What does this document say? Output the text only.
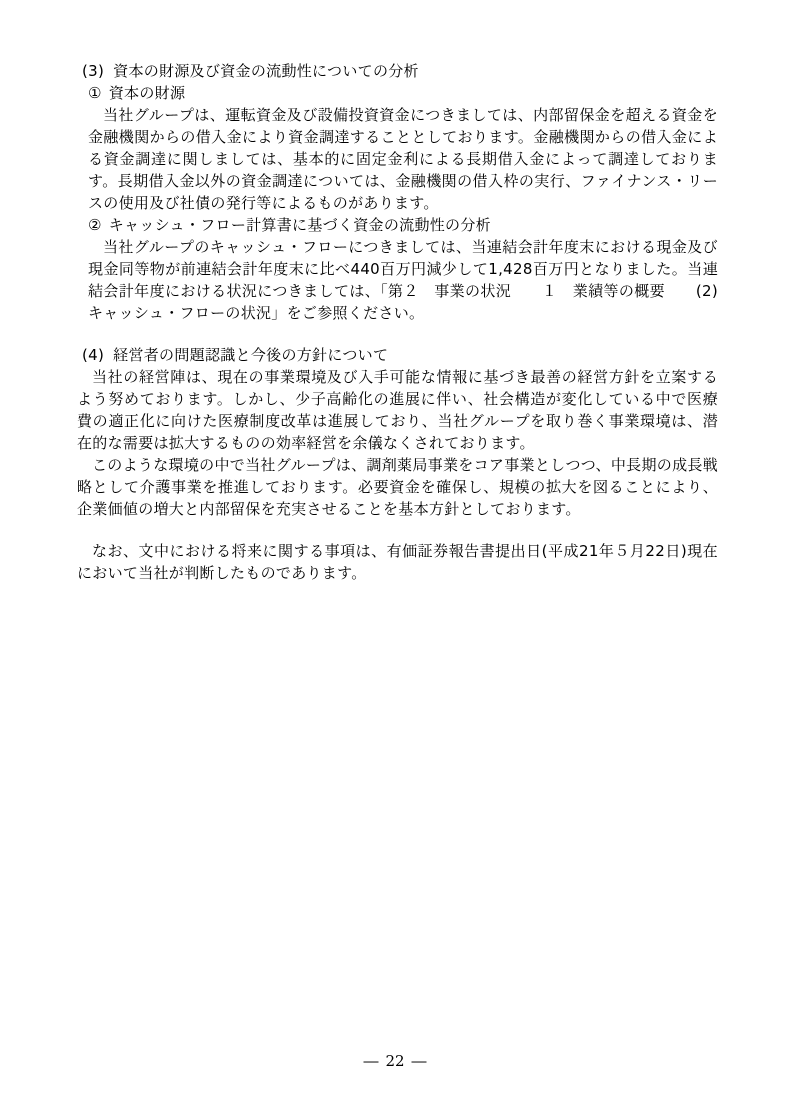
(3) 資本の財源及び資金の流動性についての分析
① 資本の財源

当社グループは、運転資金及び設備投資資金につきましては、内部留保金を超える資金を金融機関からの借入金により資金調達することとしております。金融機関からの借入金による資金調達に関しましては、基本的に固定金利による長期借入金によって調達しております。長期借入金以外の資金調達については、金融機関の借入枠の実行、ファイナンス・リースの使用及び社債の発行等によるものがあります。

② キャッシュ・フロー計算書に基づく資金の流動性の分析

当社グループのキャッシュ・フローにつきましては、当連結会計年度末における現金及び現金同等物が前連結会計年度末に比べ440百万円減少して1,428百万円となりました。当連結会計年度における状況につきましては、「第２　事業の状況　　１　業績等の概要　　(2)キャッシュ・フローの状況」をご参照ください。

(4) 経営者の問題認識と今後の方針について

当社の経営陣は、現在の事業環境及び入手可能な情報に基づき最善の経営方針を立案するよう努めております。しかし、少子高齢化の進展に伴い、社会構造が変化している中で医療費の適正化に向けた医療制度改革は進展しており、当社グループを取り巻く事業環境は、潜在的な需要は拡大するものの効率経営を余儀なくされております。

このような環境の中で当社グループは、調剤薬局事業をコア事業としつつ、中長期の成長戦略として介護事業を推進しております。必要資金を確保し、規模の拡大を図ることにより、企業価値の増大と内部留保を充実させることを基本方針としております。

なお、文中における将来に関する事項は、有価証券報告書提出日(平成21年５月22日)現在において当社が判断したものであります。

― 22 ―
